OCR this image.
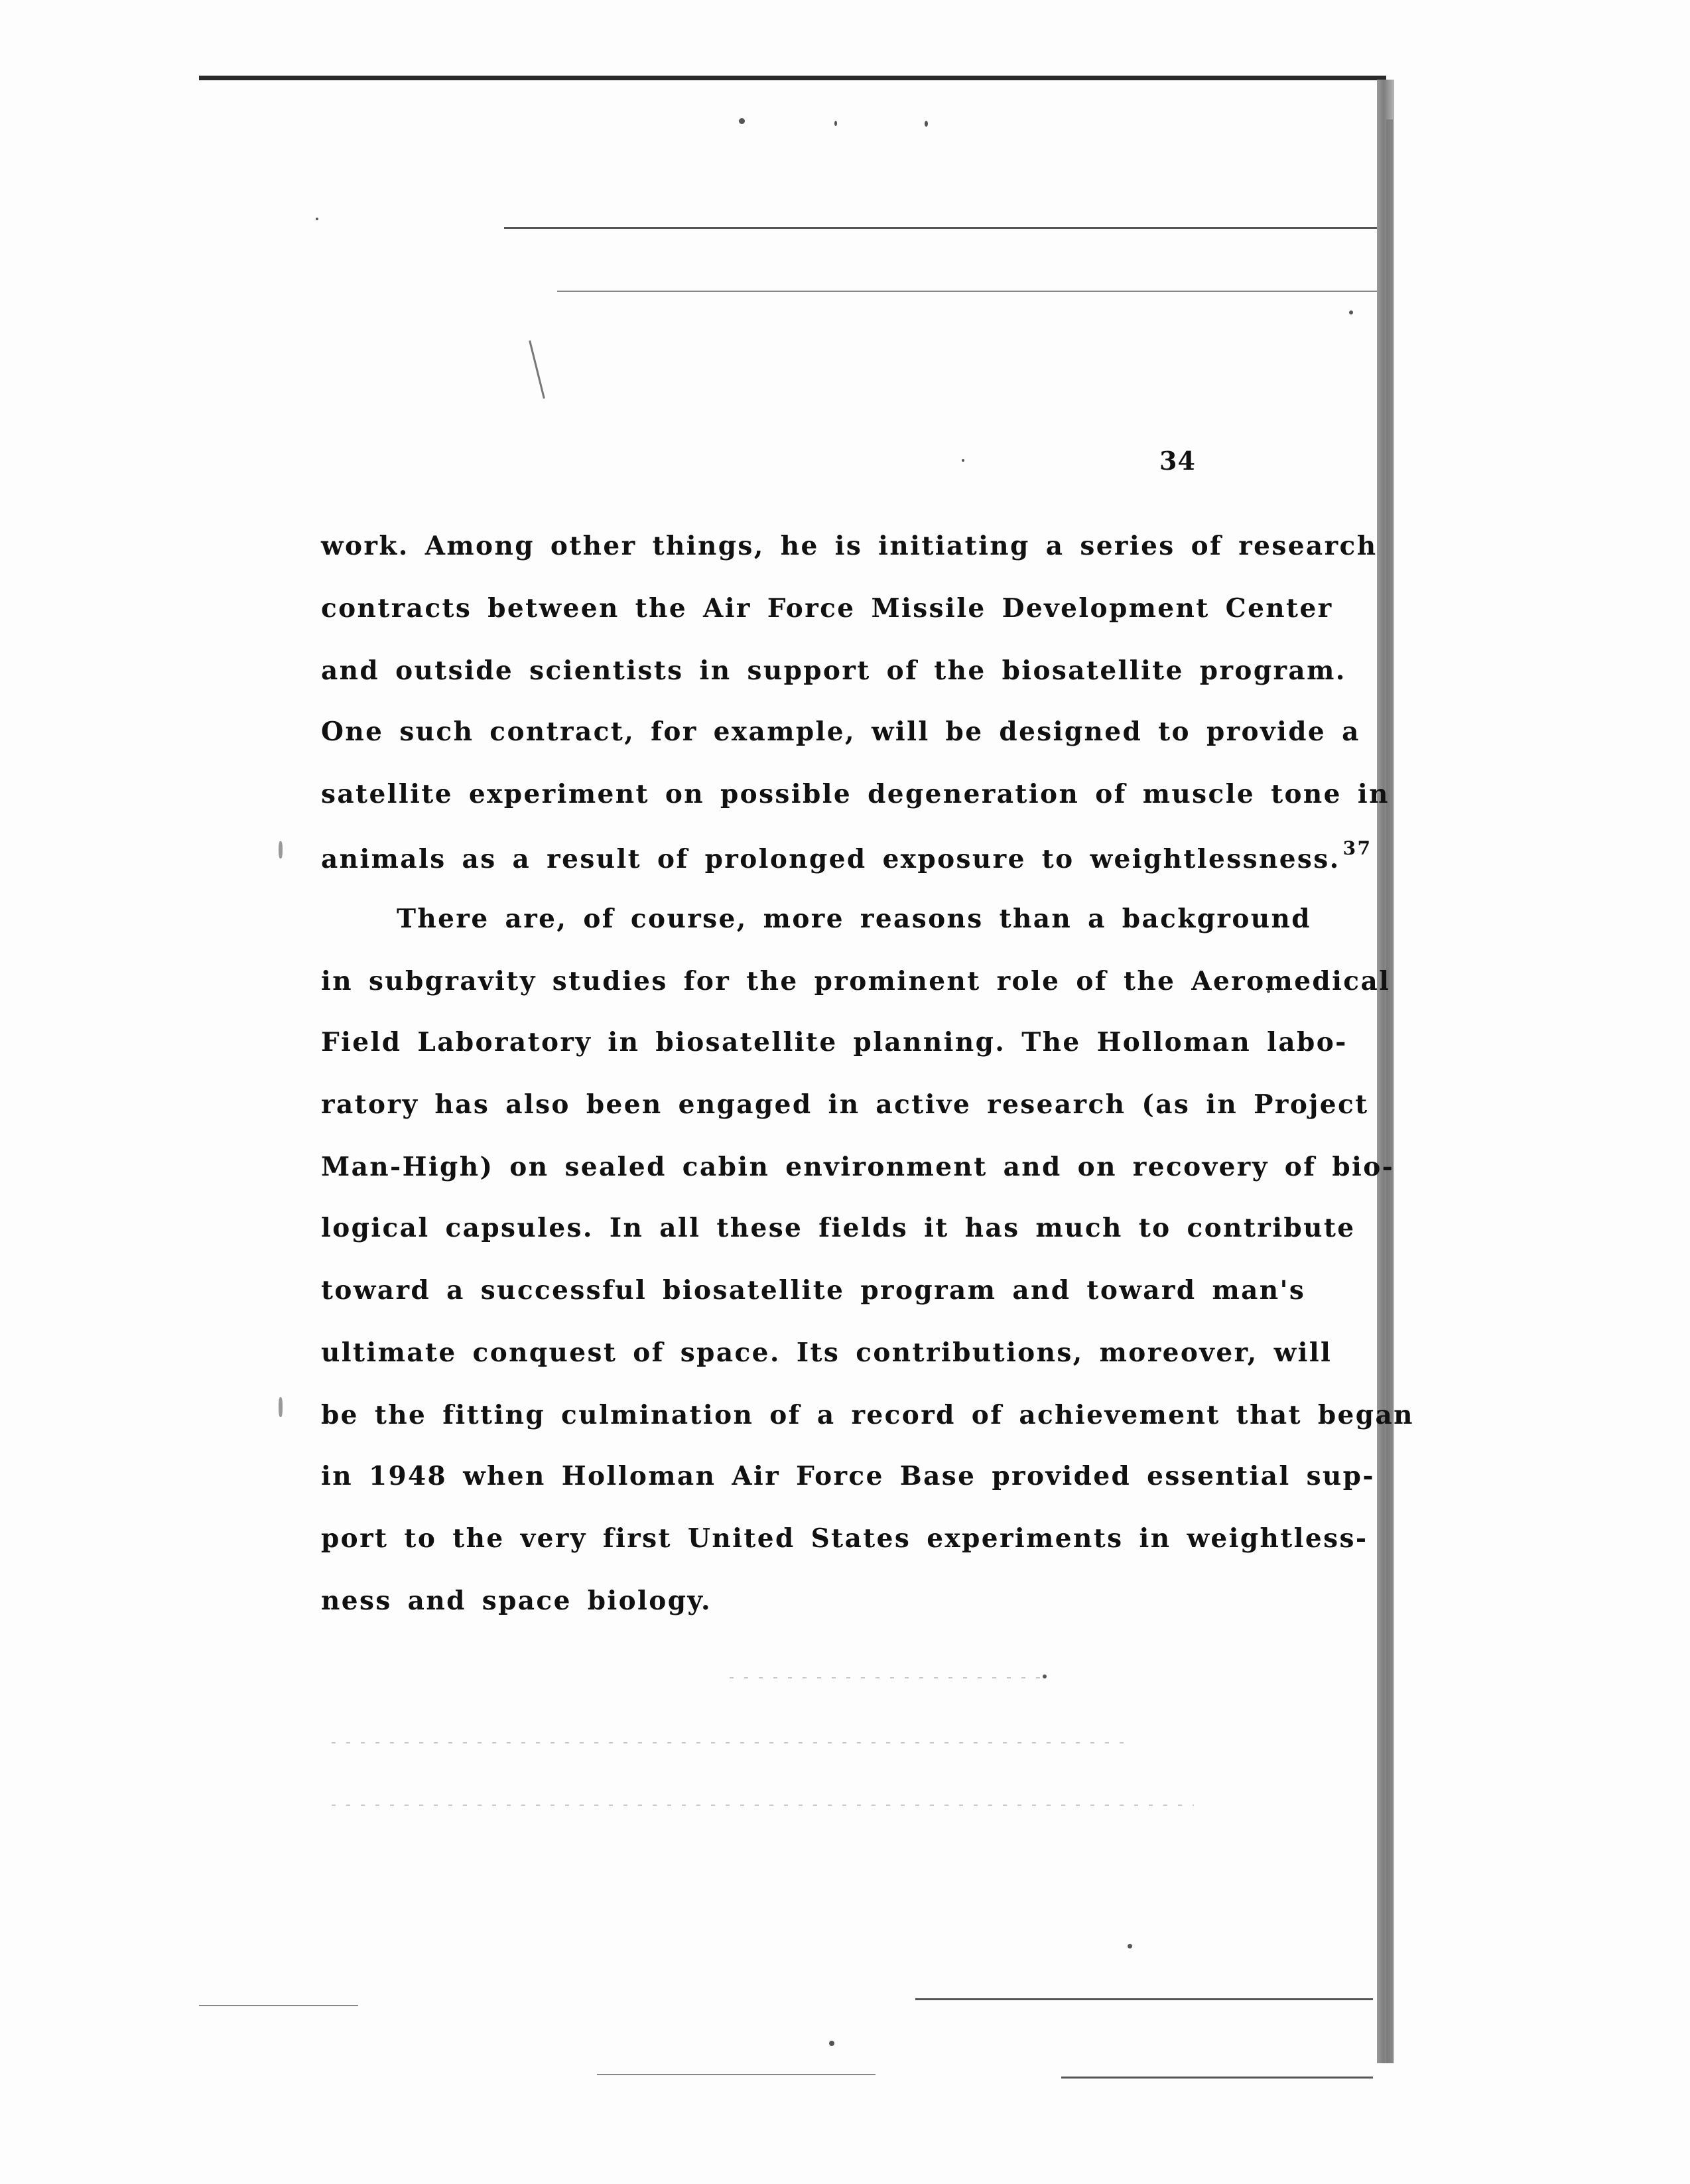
34
work. Among other things, he is initiating a series of research
contracts between the Air Force Missile Development Center
and outside scientists in support of the biosatellite program.
One such contract, for example, will be designed to provide a
satellite experiment on possible degeneration of muscle tone in
animals as a result of prolonged exposure to weightlessness. $^{37}$
There are, of course, more reasons than a background
in subgravity studies for the prominent role of the Aeromedical
Field Laboratory in biosatellite planning. The Holloman labo-
ratory has also been engaged in active research (as in Project
Man-High) on sealed cabin environment and on recovery of bio-
logical capsules. In all these fields it has much to contribute
toward a successful biosatellite program and toward man's
ultimate conquest of space. Its contributions, moreover, will
be the fitting culmination of a record of achievement that began
in 1948 when Holloman Air Force Base provided essential sup-
port to the very first United States experiments in weightless-
ness and space biology.
